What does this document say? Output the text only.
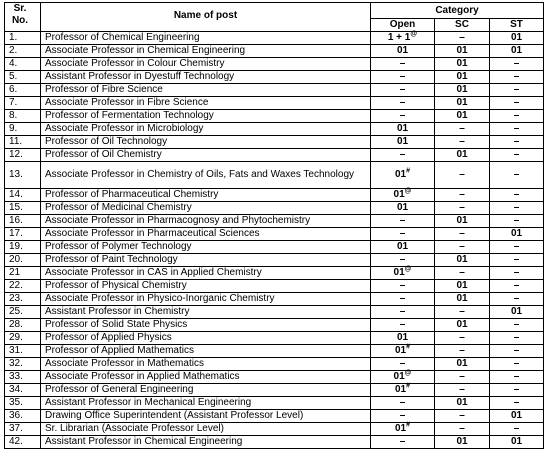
Sr.
No.	Name of post	Category		
		Open	SC	ST
1.	Professor of Chemical Engineering	1 + 1@	–	01
2.	Associate Professor in Chemical Engineering	01	01	01
4.	Associate Professor in Colour Chemistry	–	01	–
5.	Assistant Professor in Dyestuff Technology	–	01	–
6.	Professor of Fibre Science	–	01	–
7.	Associate Professor in Fibre Science	–	01	–
8.	Professor of Fermentation Technology	–	01	–
9.	Associate Professor in Microbiology	01	–	–
11.	Professor of Oil Technology	01	–	–
12.	Professor of Oil Chemistry	–	01	–
13.	Associate Professor in Chemistry of Oils, Fats and Waxes Technology	01#	–	–
14.	Professor of Pharmaceutical Chemistry	01@	–	–
15.	Professor of Medicinal Chemistry	01	–	–
16.	Associate Professor in Pharmacognosy and Phytochemistry	–	01	–
17.	Associate Professor in Pharmaceutical Sciences	–	–	01
19.	Professor of Polymer Technology	01	–	–
20.	Professor of Paint Technology	–	01	–
21	Associate Professor in CAS in Applied Chemistry	01@	–	–
22.	Professor of Physical Chemistry	–	01	–
23.	Associate Professor in Physico-Inorganic Chemistry	–	01	–
25.	Assistant Professor in Chemistry	–	–	01
28.	Professor of Solid State Physics	–	01	–
29.	Professor of Applied Physics	01	–	–
31.	Professor of Applied Mathematics	01#	–	–
32.	Associate Professor in Mathematics	–	01	–
33.	Associate Professor in Applied Mathematics	01@	–	–
34.	Professor of General Engineering	01#	–	–
35.	Assistant Professor in Mechanical Engineering	–	01	–
36.	Drawing Office Superintendent (Assistant Professor Level)	–	–	01
37.	Sr. Librarian (Associate Professor Level)	01#	–	–
42.	Assistant Professor in Chemical Engineering	–	01	01
